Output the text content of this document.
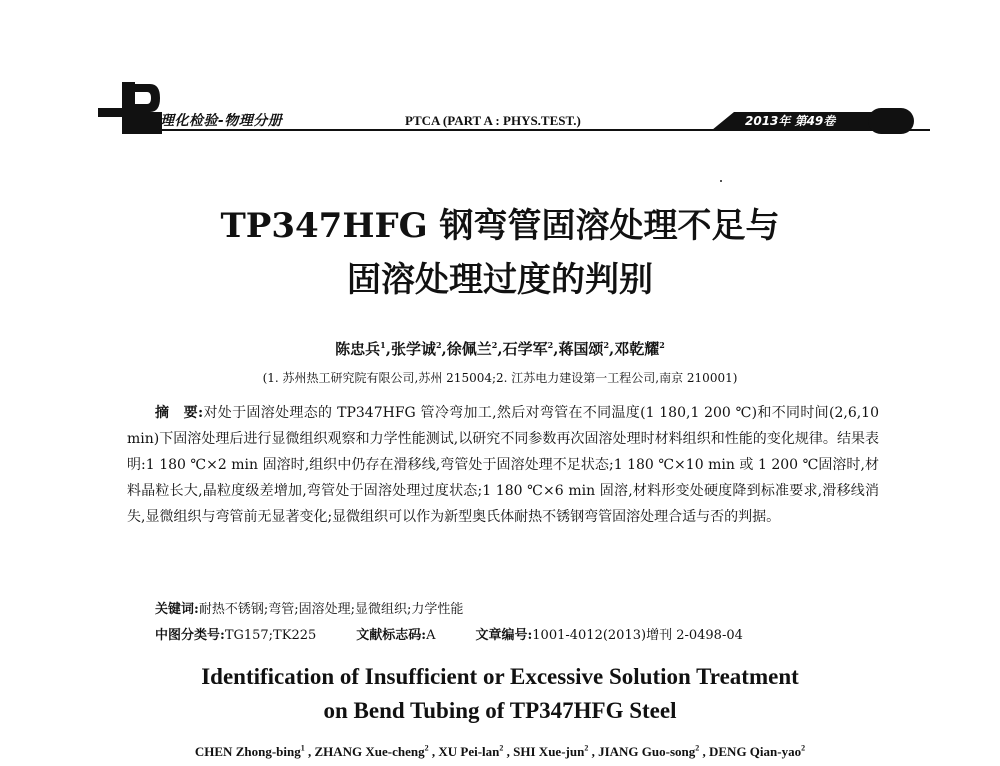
理化检验-物理分册	PTCA (PART A : PHYS.TEST.)	2013年 第49卷
TP347HFG 钢弯管固溶处理不足与
固溶处理过度的判别
陈忠兵$^1$,张学诚$^2$,徐佩兰$^2$,石学军$^2$,蒋国颂$^2$,邓乾耀$^2$
(1. 苏州热工研究院有限公司,苏州 215004;2. 江苏电力建设第一工程公司,南京 210001)

摘　要:对处于固溶处理态的 TP347HFG 管冷弯加工,然后对弯管在不同温度(1 180,1 200 ℃)和不同时间(2,6,10 min)下固溶处理后进行显微组织观察和力学性能测试,以研究不同参数再次固溶处理时材料组织和性能的变化规律。结果表明:1 180 ℃×2 min 固溶时,组织中仍存在滑移线,弯管处于固溶处理不足状态;1 180 ℃×10 min 或 1 200 ℃固溶时,材料晶粒长大,晶粒度级差增加,弯管处于固溶处理过度状态;1 180 ℃×6 min 固溶,材料形变处硬度降到标准要求,滑移线消失,显微组织与弯管前无显著变化;显微组织可以作为新型奥氏体耐热不锈钢弯管固溶处理合适与否的判据。

关键词:耐热不锈钢;弯管;固溶处理;显微组织;力学性能
中图分类号:TG157;TK225	文献标志码:A	文章编号:1001-4012(2013)增刊 2-0498-04
Identification of Insufficient or Excessive Solution Treatment
on Bend Tubing of TP347HFG Steel
CHEN Zhong-bing$^1$ , ZHANG Xue-cheng$^2$ , XU Pei-lan$^2$ , SHI Xue-jun$^2$ , JIANG Guo-song$^2$ , DENG Qian-yao$^2$
